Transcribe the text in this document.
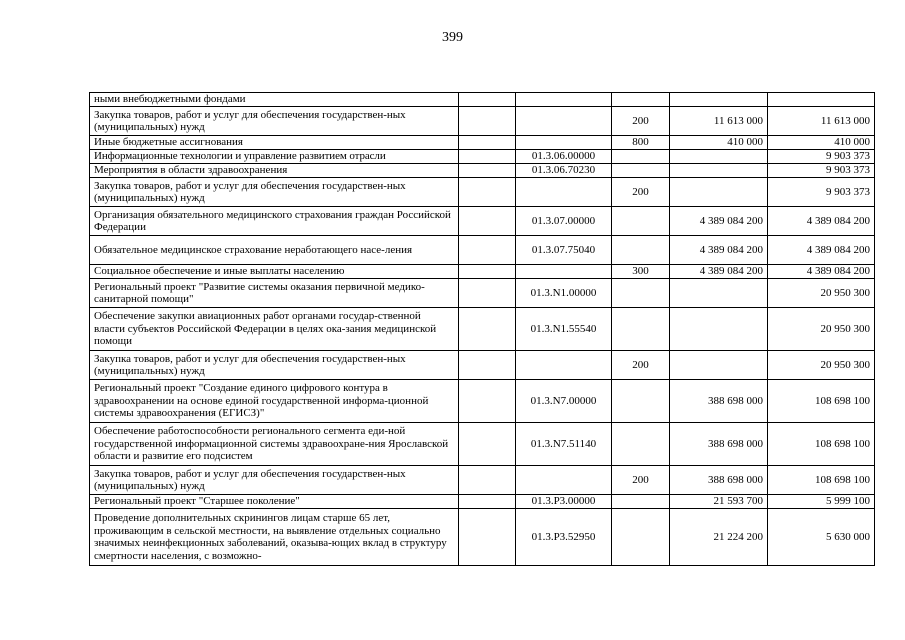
399
ными внебюджетными фондами					
Закупка товаров, работ и услуг для обеспечения государствен-ных (муниципальных) нужд			200	11 613 000	11 613 000
Иные бюджетные ассигнования			800	410 000	410 000
Информационные технологии и управление развитием отрасли		01.3.06.00000			9 903 373
Мероприятия в области здравоохранения		01.3.06.70230			9 903 373
Закупка товаров, работ и услуг для обеспечения государствен-ных (муниципальных) нужд			200		9 903 373
Организация обязательного медицинского страхования граждан Российской Федерации		01.3.07.00000		4 389 084 200	4 389 084 200
Обязательное медицинское страхование неработающего насе-ления		01.3.07.75040		4 389 084 200	4 389 084 200
Социальное обеспечение и иные выплаты населению			300	4 389 084 200	4 389 084 200
Региональный проект "Развитие системы оказания первичной медико-санитарной помощи"		01.3.N1.00000			20 950 300
Обеспечение закупки авиационных работ органами государ-ственной власти субъектов Российской Федерации в целях ока-зания медицинской помощи		01.3.N1.55540			20 950 300
Закупка товаров, работ и услуг для обеспечения государствен-ных (муниципальных) нужд			200		20 950 300
Региональный проект "Создание единого цифрового контура в здравоохранении на основе единой государственной информа-ционной системы здравоохранения (ЕГИСЗ)"		01.3.N7.00000		388 698 000	108 698 100
Обеспечение работоспособности регионального сегмента еди-ной государственной информационной системы здравоохране-ния Ярославской области и развитие его подсистем		01.3.N7.51140		388 698 000	108 698 100
Закупка товаров, работ и услуг для обеспечения государствен-ных (муниципальных) нужд			200	388 698 000	108 698 100
Региональный проект "Старшее поколение"		01.3.P3.00000		21 593 700	5 999 100
Проведение дополнительных скринингов лицам старше 65 лет, проживающим в сельской местности, на выявление отдельных социально значимых неинфекционных заболеваний, оказыва-ющих вклад в структуру смертности населения, с возможно-		01.3.P3.52950		21 224 200	5 630 000
